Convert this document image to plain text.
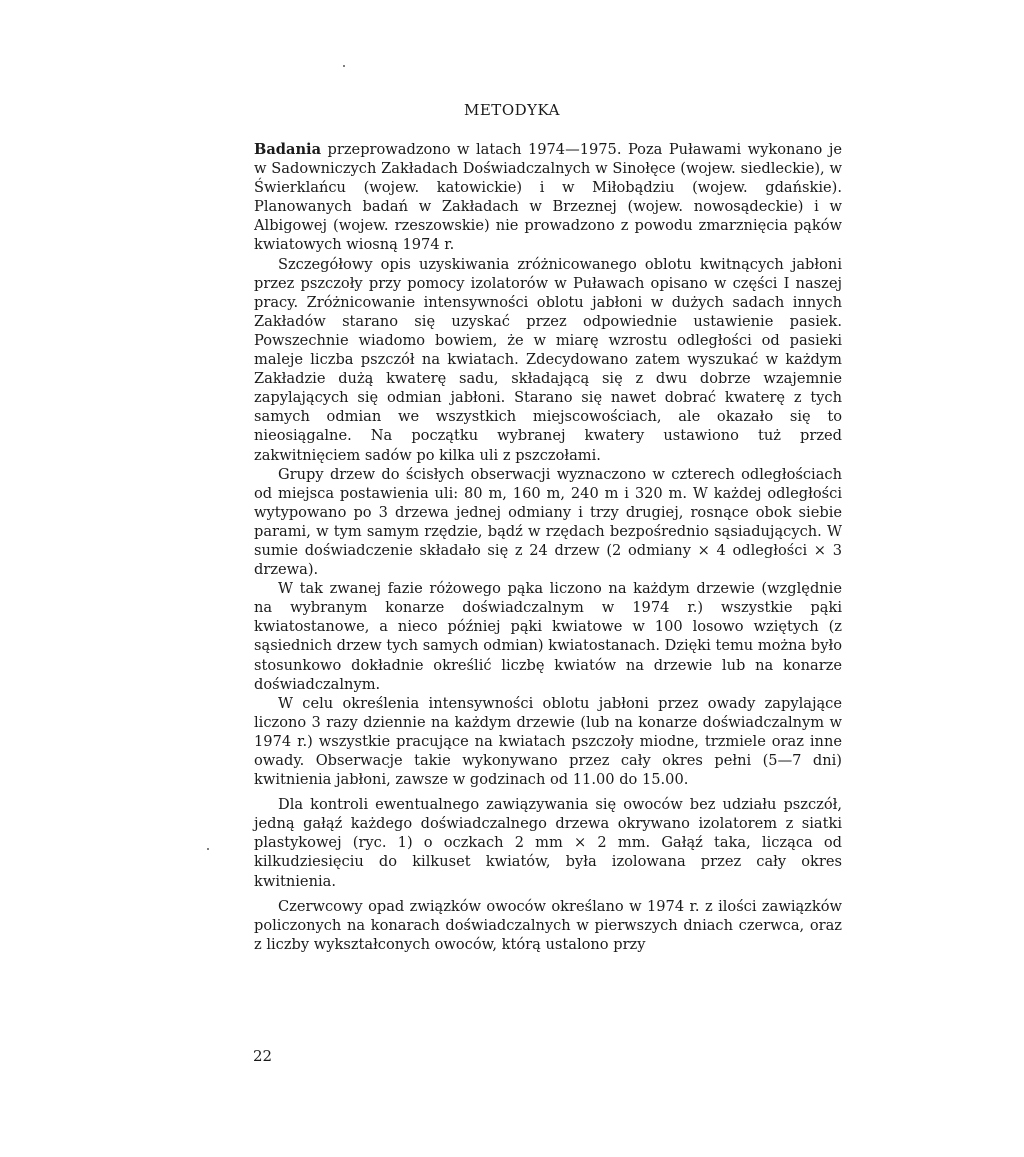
METODYKA

Badania przeprowadzono w latach 1974—1975. Poza Puławami wykonano je w Sadowniczych Zakładach Doświadczalnych w Sinołęce (wojew. siedleckie), w Świerklańcu (wojew. katowickie) i w Miłobądziu (wojew. gdańskie). Planowanych badań w Zakładach w Brzeznej (wojew. nowosądeckie) i w Albigowej (wojew. rzeszowskie) nie prowadzono z powodu zmarznięcia pąków kwiatowych wiosną 1974 r.

Szczegółowy opis uzyskiwania zróżnicowanego oblotu kwitnących jabłoni przez pszczoły przy pomocy izolatorów w Puławach opisano w części I naszej pracy. Zróżnicowanie intensywności oblotu jabłoni w dużych sadach innych Zakładów starano się uzyskać przez odpowiednie ustawienie pasiek. Powszechnie wiadomo bowiem, że w miarę wzrostu odległości od pasieki maleje liczba pszczół na kwiatach. Zdecydowano zatem wyszukać w każdym Zakładzie dużą kwaterę sadu, składającą się z dwu dobrze wzajemnie zapylających się odmian jabłoni. Starano się nawet dobrać kwaterę z tych samych odmian we wszystkich miejscowościach, ale okazało się to nieosiągalne. Na początku wybranej kwatery ustawiono tuż przed zakwitnięciem sadów po kilka uli z pszczołami.

Grupy drzew do ścisłych obserwacji wyznaczono w czterech odległościach od miejsca postawienia uli: 80 m, 160 m, 240 m i 320 m. W każdej odległości wytypowano po 3 drzewa jednej odmiany i trzy drugiej, rosnące obok siebie parami, w tym samym rzędzie, bądź w rzędach bezpośrednio sąsiadujących. W sumie doświadczenie składało się z 24 drzew (2 odmiany × 4 odległości × 3 drzewa).

W tak zwanej fazie różowego pąka liczono na każdym drzewie (względnie na wybranym konarze doświadczalnym w 1974 r.) wszystkie pąki kwiatostanowe, a nieco później pąki kwiatowe w 100 losowo wziętych (z sąsiednich drzew tych samych odmian) kwiatostanach. Dzięki temu można było stosunkowo dokładnie określić liczbę kwiatów na drzewie lub na konarze doświadczalnym.

W celu określenia intensywności oblotu jabłoni przez owady zapylające liczono 3 razy dziennie na każdym drzewie (lub na konarze doświadczalnym w 1974 r.) wszystkie pracujące na kwiatach pszczoły miodne, trzmiele oraz inne owady. Obserwacje takie wykonywano przez cały okres pełni (5—7 dni) kwitnienia jabłoni, zawsze w godzinach od 11.00 do 15.00.

Dla kontroli ewentualnego zawiązywania się owoców bez udziału pszczół, jedną gałąź każdego doświadczalnego drzewa okrywano izolatorem z siatki plastykowej (ryc. 1) o oczkach 2 mm × 2 mm. Gałąź taka, licząca od kilkudziesięciu do kilkuset kwiatów, była izolowana przez cały okres kwitnienia.

Czerwcowy opad związków owoców określano w 1974 r. z ilości zawiązków policzonych na konarach doświadczalnych w pierwszych dniach czerwca, oraz z liczby wykształconych owoców, którą ustalono przy

22
